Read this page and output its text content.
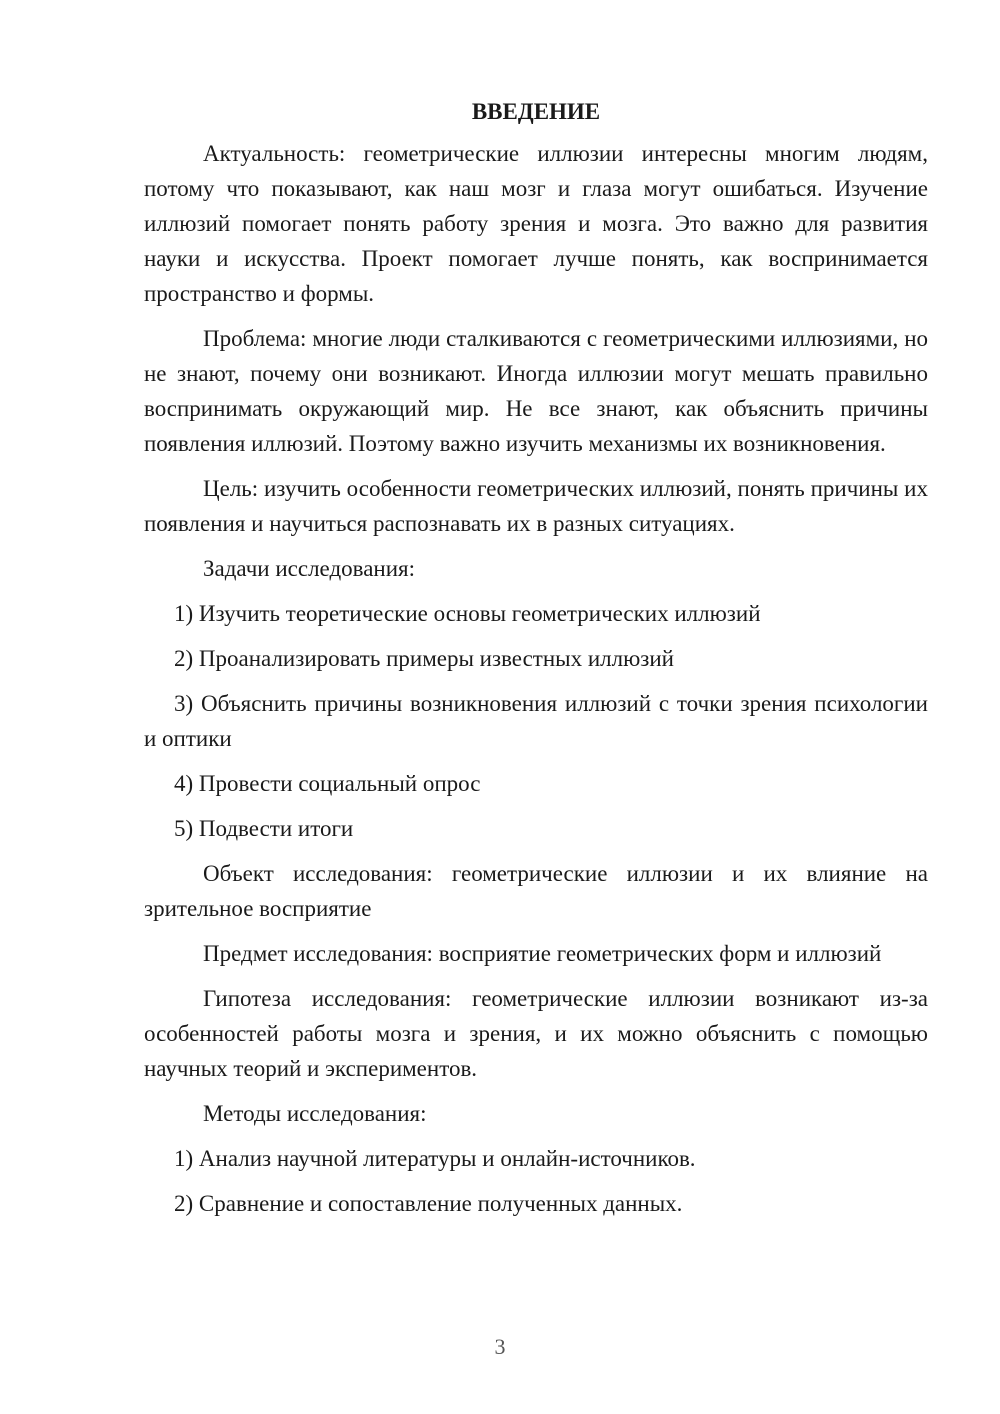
ВВЕДЕНИЕ

Актуальность: геометрические иллюзии интересны многим людям, потому что показывают, как наш мозг и глаза могут ошибаться. Изучение иллюзий помогает понять работу зрения и мозга. Это важно для развития науки и искусства. Проект помогает лучше понять, как воспринимается пространство и формы.

Проблема: многие люди сталкиваются с геометрическими иллюзиями, но не знают, почему они возникают. Иногда иллюзии могут мешать правильно воспринимать окружающий мир. Не все знают, как объяснить причины появления иллюзий. Поэтому важно изучить механизмы их возникновения.

Цель: изучить особенности геометрических иллюзий, понять причины их появления и научиться распознавать их в разных ситуациях.

Задачи исследования:

1) Изучить теоретические основы геометрических иллюзий

2) Проанализировать примеры известных иллюзий

3) Объяснить причины возникновения иллюзий с точки зрения психологии и оптики

4) Провести социальный опрос

5) Подвести итоги

Объект исследования: геометрические иллюзии и их влияние на зрительное восприятие

Предмет исследования: восприятие геометрических форм и иллюзий

Гипотеза исследования: геометрические иллюзии возникают из-за особенностей работы мозга и зрения, и их можно объяснить с помощью научных теорий и экспериментов.

Методы исследования:

1) Анализ научной литературы и онлайн-источников.

2) Сравнение и сопоставление полученных данных.

3
